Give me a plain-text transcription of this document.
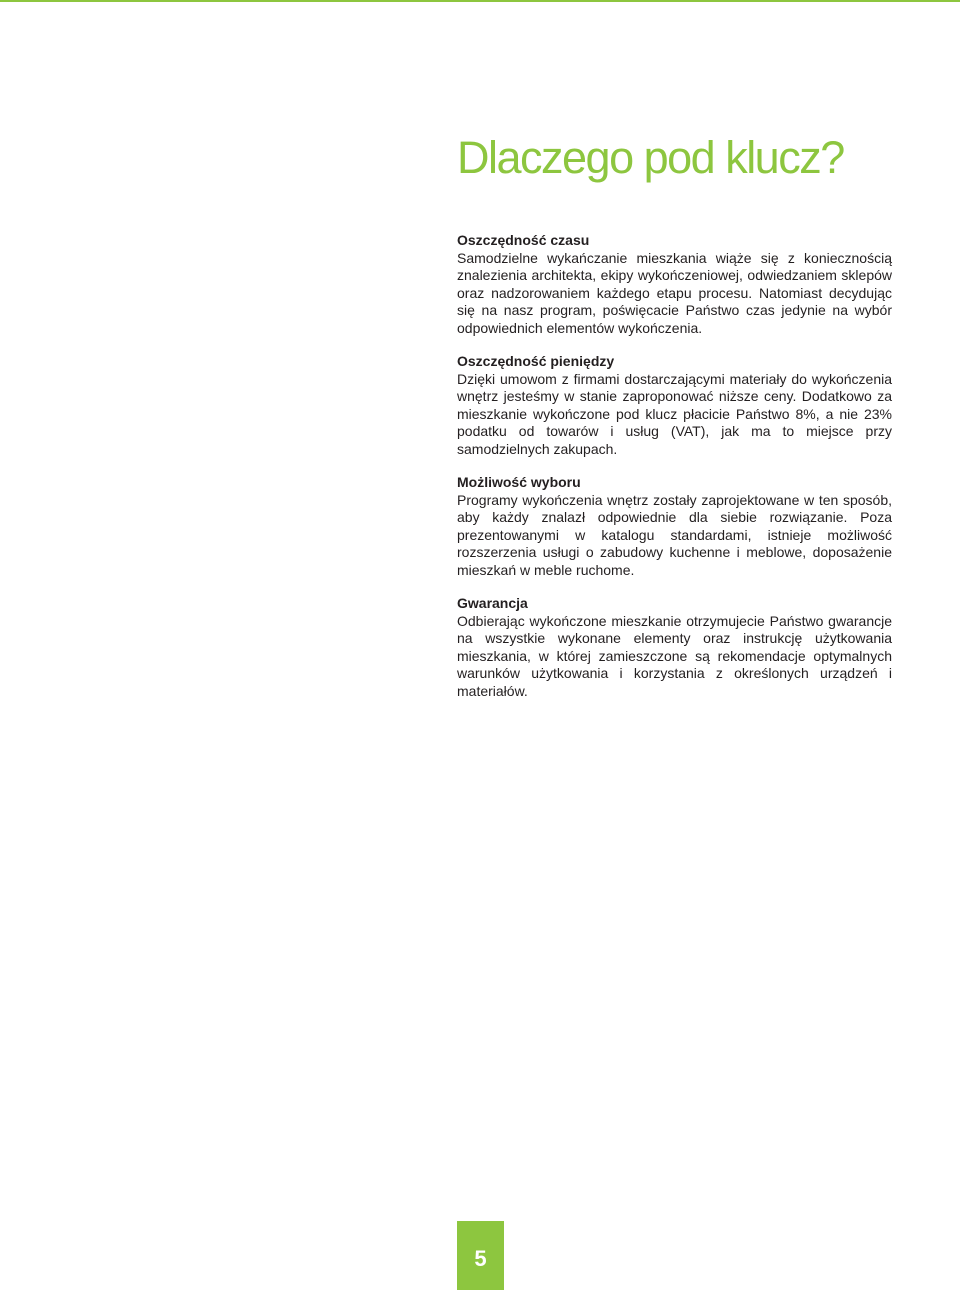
Dlaczego pod klucz?

Oszczędność czasu

Samodzielne wykańczanie mieszkania wiąże się z koniecznością znalezienia architekta, ekipy wykończeniowej, odwiedzaniem sklepów oraz nadzorowaniem każdego etapu procesu. Natomiast decydując się na nasz program, poświęcacie Państwo czas jedynie na wybór odpowiednich elementów wykończenia.

Oszczędność pieniędzy

Dzięki umowom z firmami dostarczającymi materiały do wykończenia wnętrz jesteśmy w stanie zaproponować niższe ceny. Dodatkowo za mieszkanie wykończone pod klucz płacicie Państwo 8%, a nie 23% podatku od towarów i usług (VAT), jak ma to miejsce przy samodzielnych zakupach.

Możliwość wyboru

Programy wykończenia wnętrz zostały zaprojektowane w ten sposób, aby każdy znalazł odpowiednie dla siebie rozwiązanie. Poza prezentowanymi w katalogu standardami, istnieje możliwość rozszerzenia usługi o zabudowy kuchenne i meblowe, doposażenie mieszkań w meble ruchome.

Gwarancja

Odbierając wykończone mieszkanie otrzymujecie Państwo gwarancje na wszystkie wykonane elementy oraz instrukcję użytkowania mieszkania, w której zamieszczone są rekomendacje optymalnych warunków użytkowania i korzystania z określonych urządzeń i materiałów.

5
